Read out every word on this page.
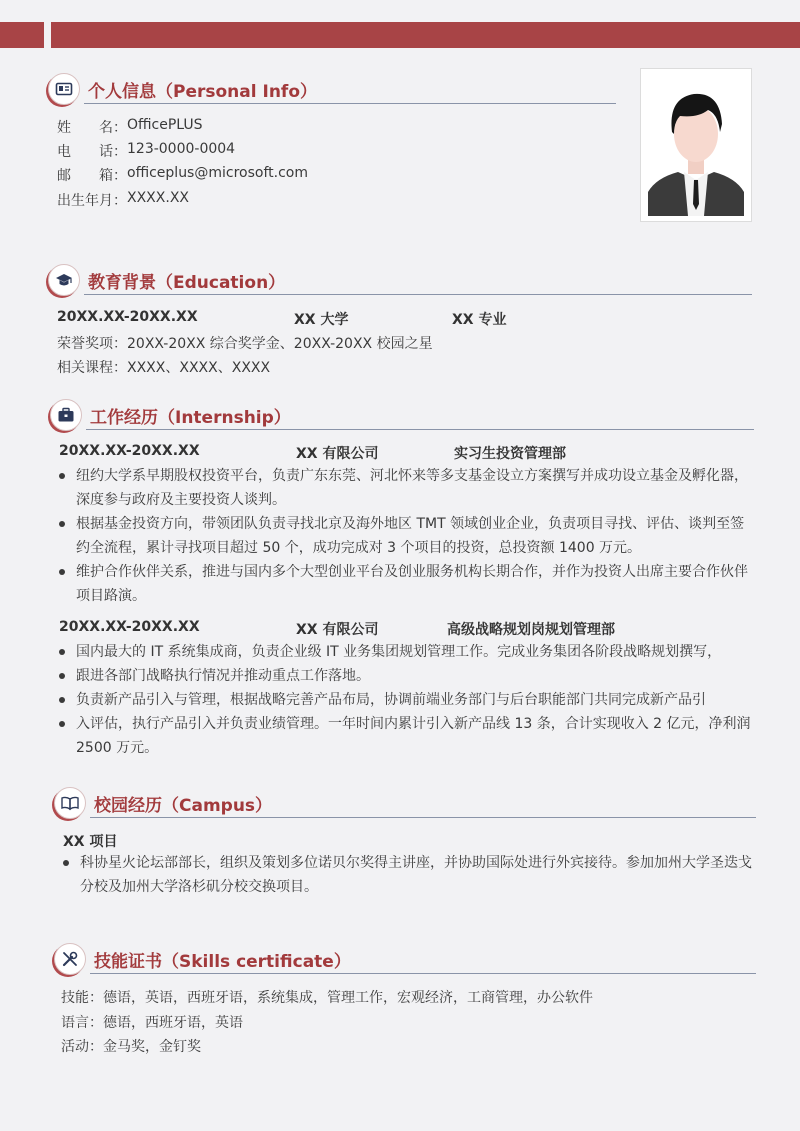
个人信息（Personal Info）
姓　　名： OfficePLUS
电　　话： 123-0000-0004
邮　　箱： officeplus@microsoft.com
出生年月： XXXX.XX
教育背景（Education）
20XX.XX-20XX.XX	XX 大学	XX 专业
荣誉奖项：20XX-20XX 综合奖学金、20XX-20XX 校园之星
相关课程：XXXX、XXXX、XXXX
工作经历（Internship）
20XX.XX-20XX.XX	XX 有限公司	实习生投资管理部
纽约大学系早期股权投资平台，负责广东东莞、河北怀来等多支基金设立方案撰写并成功设立基金及孵化器，
深度参与政府及主要投资人谈判。
根据基金投资方向，带领团队负责寻找北京及海外地区 TMT 领域创业企业，负责项目寻找、评估、谈判至签
约全流程，累计寻找项目超过 50 个，成功完成对 3 个项目的投资，总投资额 1400 万元。
维护合作伙伴关系，推进与国内多个大型创业平台及创业服务机构长期合作，并作为投资人出席主要合作伙伴
项目路演。
20XX.XX-20XX.XX	XX 有限公司	高级战略规划岗规划管理部
国内最大的 IT 系统集成商，负责企业级 IT 业务集团规划管理工作。完成业务集团各阶段战略规划撰写，
跟进各部门战略执行情况并推动重点工作落地。
负责新产品引入与管理，根据战略完善产品布局，协调前端业务部门与后台职能部门共同完成新产品引
入评估，执行产品引入并负责业绩管理。一年时间内累计引入新产品线 13 条，合计实现收入 2 亿元，净利润
2500 万元。
校园经历（Campus）
XX 项目
科协星火论坛部部长，组织及策划多位诺贝尔奖得主讲座，并协助国际处进行外宾接待。参加加州大学圣迭戈
分校及加州大学洛杉矶分校交换项目。
技能证书（Skills certificate）
技能：德语，英语，西班牙语，系统集成，管理工作，宏观经济，工商管理，办公软件
语言：德语，西班牙语，英语
活动：金马奖，金钉奖
